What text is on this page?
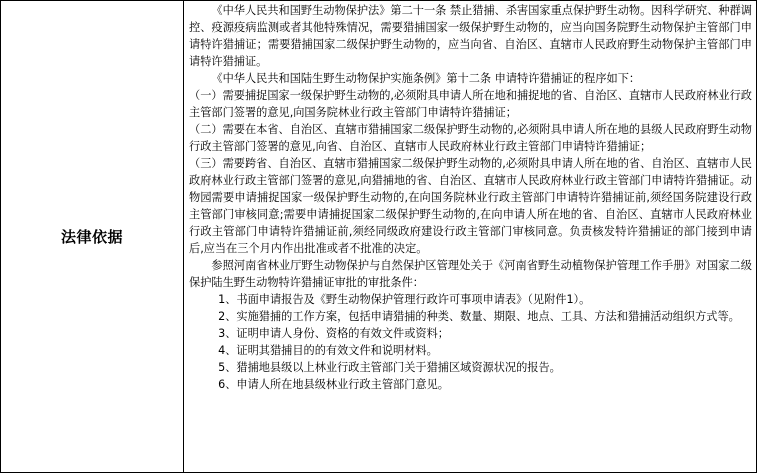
法律依据

《中华人民共和国野生动物保护法》第二十一条 禁止猎捕、杀害国家重点保护野生动物。因科学研究、种群调控、疫源疫病监测或者其他特殊情况，需要猎捕国家一级保护野生动物的，应当向国务院野生动物保护主管部门申请特许猎捕证；需要猎捕国家二级保护野生动物的，应当向省、自治区、直辖市人民政府野生动物保护主管部门申请特许猎捕证。

《中华人民共和国陆生野生动物保护实施条例》第十二条 申请特许猎捕证的程序如下：

（一）需要捕捉国家一级保护野生动物的,必须附具申请人所在地和捕捉地的省、自治区、直辖市人民政府林业行政主管部门签署的意见,向国务院林业行政主管部门申请特许猎捕证；

（二）需要在本省、自治区、直辖市猎捕国家二级保护野生动物的,必须附具申请人所在地的县级人民政府野生动物行政主管部门签署的意见,向省、自治区、直辖市人民政府林业行政主管部门申请特许猎捕证；

（三）需要跨省、自治区、直辖市猎捕国家二级保护野生动物的,必须附具申请人所在地的省、自治区、直辖市人民政府林业行政主管部门签署的意见,向猎捕地的省、自治区、直辖市人民政府林业行政主管部门申请特许猎捕证。动物园需要申请捕捉国家一级保护野生动物的,在向国务院林业行政主管部门申请特许猎捕证前,须经国务院建设行政主管部门审核同意;需要申请捕捉国家二级保护野生动物的,在向申请人所在地的省、自治区、直辖市人民政府林业行政主管部门申请特许猎捕证前,须经同级政府建设行政主管部门审核同意。负责核发特许猎捕证的部门接到申请后,应当在三个月内作出批准或者不批准的决定。

参照河南省林业厅野生动物保护与自然保护区管理处关于《河南省野生动植物保护管理工作手册》对国家二级保护陆生野生动物特许猎捕证审批的审批条件：

1、书面申请报告及《野生动物保护管理行政许可事项申请表》（见附件1）。

2、实施猎捕的工作方案，包括申请猎捕的种类、数量、期限、地点、工具、方法和猎捕活动组织方式等。

3、证明申请人身份、资格的有效文件或资料；

4、证明其猎捕目的的有效文件和说明材料。

5、猎捕地县级以上林业行政主管部门关于猎捕区域资源状况的报告。

6、申请人所在地县级林业行政主管部门意见。
